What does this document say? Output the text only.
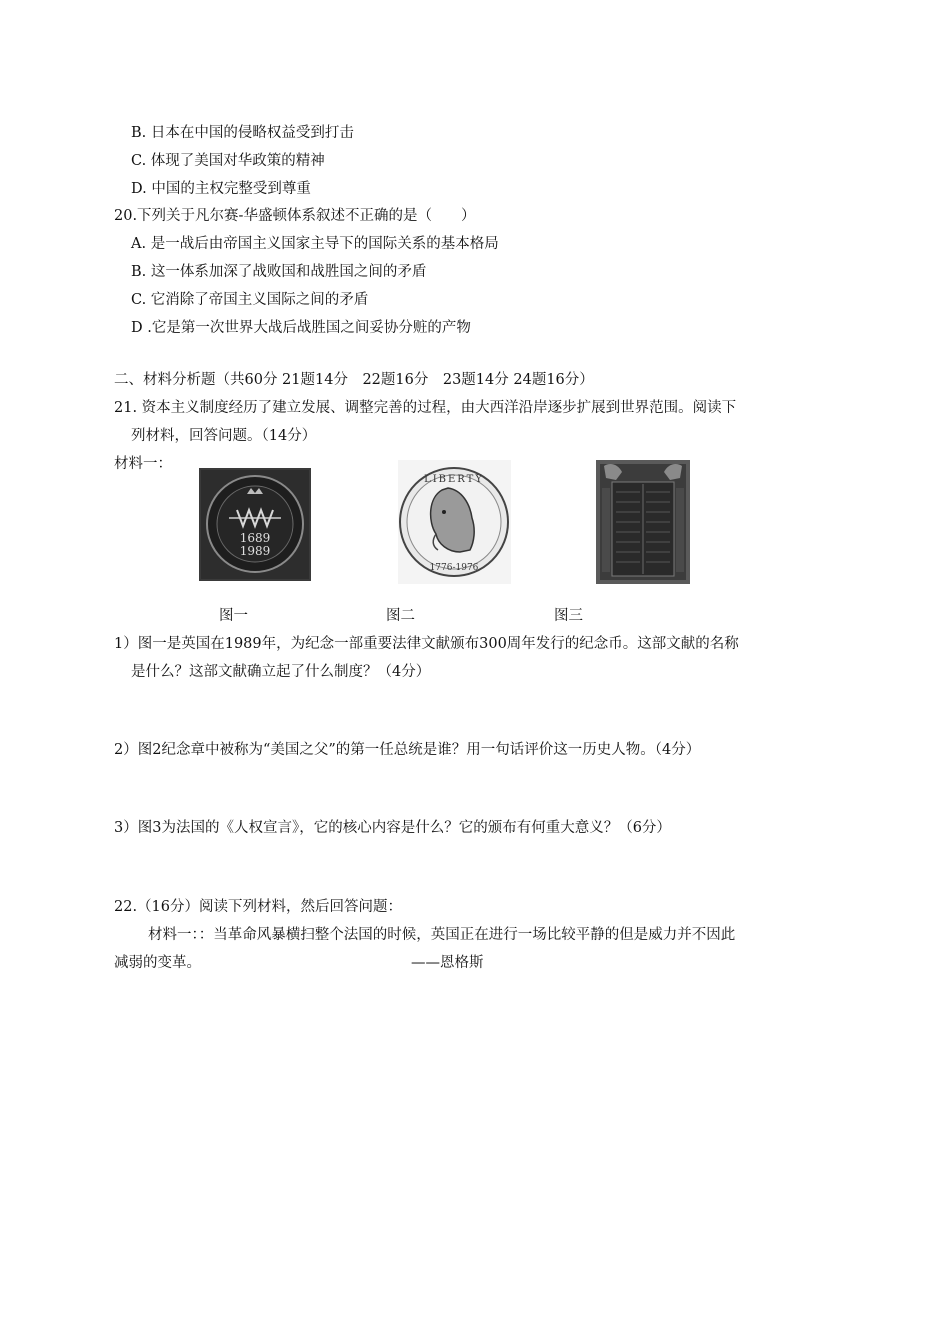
B. 日本在中国的侵略权益受到打击
C. 体现了美国对华政策的精神
D. 中国的主权完整受到尊重
20.下列关于凡尔赛-华盛顿体系叙述不正确的是（　　）
A. 是一战后由帝国主义国家主导下的国际关系的基本格局
B. 这一体系加深了战败国和战胜国之间的矛盾
C. 它消除了帝国主义国际之间的矛盾
D .它是第一次世界大战后战胜国之间妥协分赃的产物
二、材料分析题（共60分 21题14分　22题16分　23题14分 24题16分）
21. 资本主义制度经历了建立发展、调整完善的过程，由大西洋沿岸逐步扩展到世界范围。阅读下
列材料，回答问题。（14分）
材料一：
1689
1989
LIBERTY
1776-1976
图一	图二	图三
1）图一是英国在1989年，为纪念一部重要法律文献颁布300周年发行的纪念币。这部文献的名称
是什么？这部文献确立起了什么制度？（4分）
2）图2纪念章中被称为“美国之父”的第一任总统是谁？用一句话评价这一历史人物。（4分）
3）图3为法国的《人权宣言》，它的核心内容是什么？它的颁布有何重大意义？（6分）
22.（16分）阅读下列材料，然后回答问题：
材料一：：当革命风暴横扫整个法国的时候，英国正在进行一场比较平静的但是威力并不因此
减弱的变革。	——恩格斯
